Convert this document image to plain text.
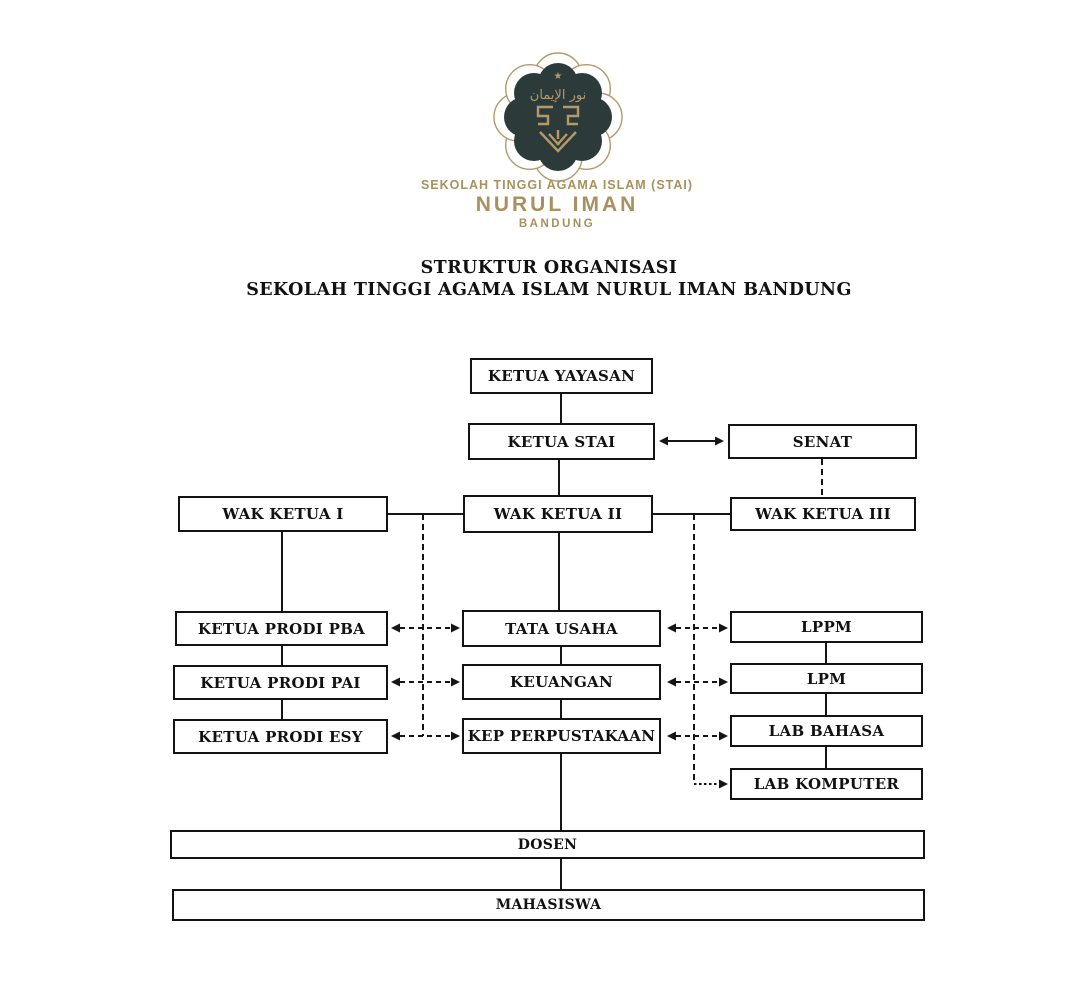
★
نور الإيمان
SEKOLAH TINGGI AGAMA ISLAM (STAI)
NURUL IMAN
BANDUNG
STRUKTUR ORGANISASI
SEKOLAH TINGGI AGAMA ISLAM NURUL IMAN BANDUNG
KETUA YAYASAN
KETUA STAI	SENAT
WAK KETUA I	WAK KETUA II	WAK KETUA III
KETUA PRODI PBA
KETUA PRODI PAI
KETUA PRODI ESY
TATA USAHA
KEUANGAN
KEP PERPUSTAKAAN
LPPM
LPM
LAB BAHASA
LAB KOMPUTER
DOSEN
MAHASISWA
